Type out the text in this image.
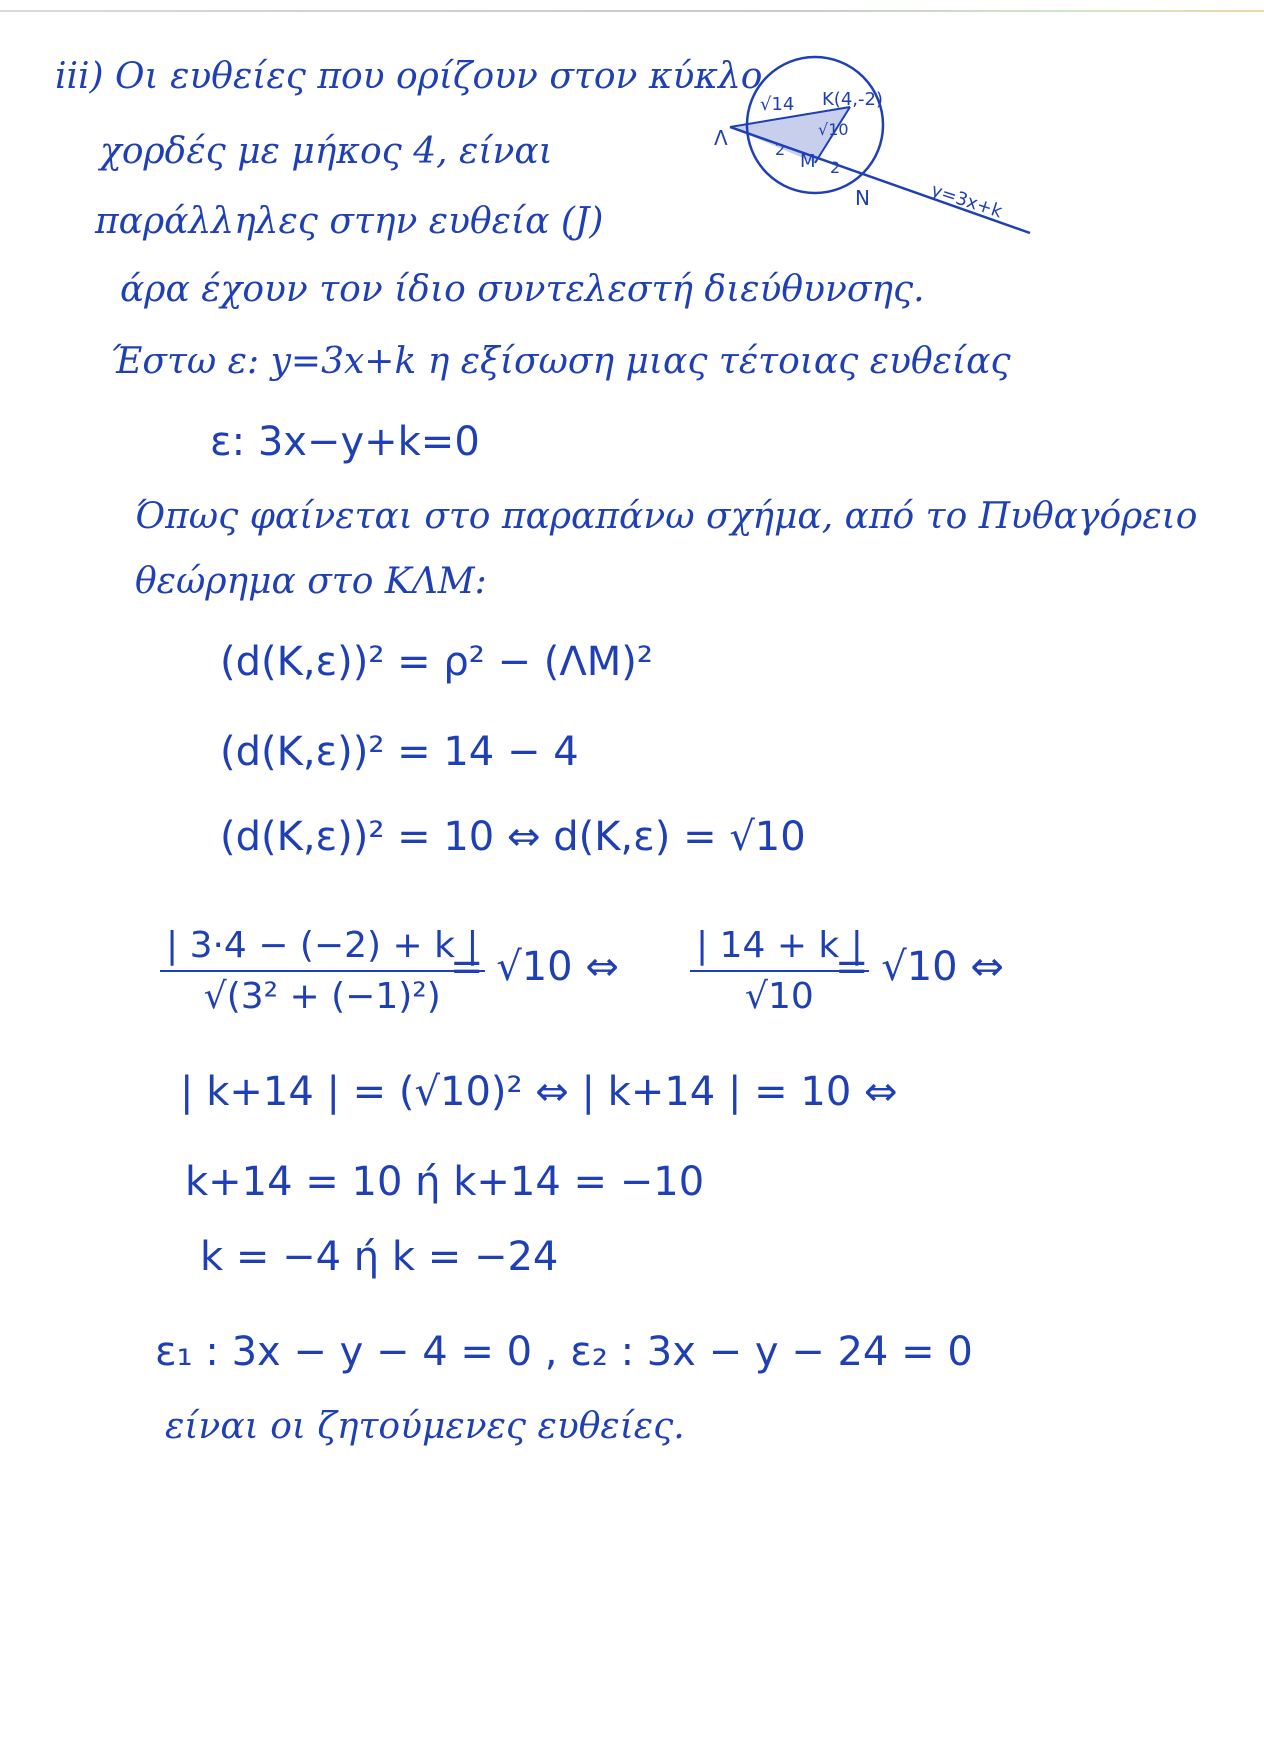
√14 K(4,-2)
√10
2
M 2
Λ
N	y=3x+k
iii) Οι ευθείες που ορίζουν στον κύκλο
χορδές με μήκος 4, είναι
παράλληλες στην ευθεία (J)
άρα έχουν τον ίδιο συντελεστή διεύθυνσης.
Έστω ε: y=3x+k η εξίσωση μιας τέτοιας ευθείας
ε: 3x−y+k=0
Όπως φαίνεται στο παραπάνω σχήμα, από το Πυθαγόρειο
θεώρημα στο ΚΛΜ:
(d(K,ε))² = ρ² − (ΛΜ)²
(d(K,ε))² = 14 − 4
(d(K,ε))² = 10 ⇔ d(K,ε) = √10
| 3·4 − (−2) + k |
√(3² + (−1)²)
= √10 ⇔ | 14 + k |
√10
= √10 ⇔
| k+14 | = (√10)² ⇔ | k+14 | = 10 ⇔
k+14 = 10 ή k+14 = −10
k = −4 ή k = −24
ε₁ : 3x − y − 4 = 0 , ε₂ : 3x − y − 24 = 0
είναι οι ζητούμενες ευθείες.
